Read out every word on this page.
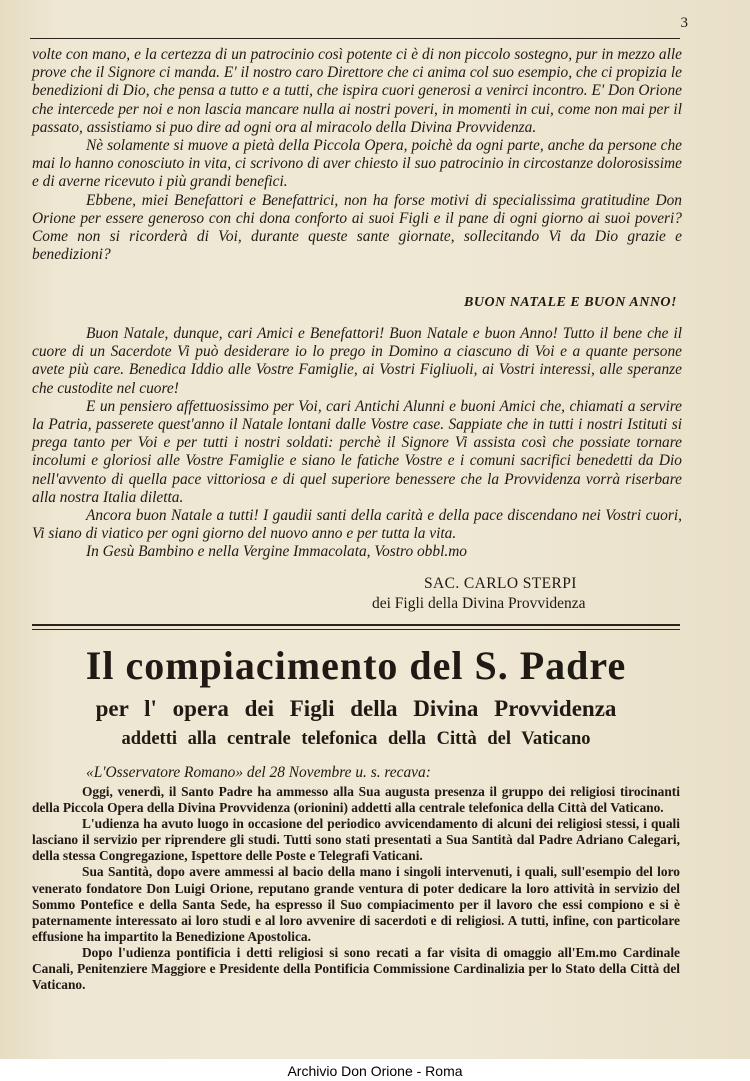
3

volte con mano, e la certezza di un patrocinio così potente ci è di non piccolo sostegno, pur in mezzo alle prove che il Signore ci manda. E' il nostro caro Direttore che ci anima col suo esempio, che ci propizia le benedizioni di Dio, che pensa a tutto e a tutti, che ispira cuori generosi a venirci incontro. E' Don Orione che intercede per noi e non lascia mancare nulla ai nostri poveri, in momenti in cui, come non mai per il passato, assistiamo si puo dire ad ogni ora al miracolo della Divina Provvidenza.

Nè solamente si muove a pietà della Piccola Opera, poichè da ogni parte, anche da persone che mai lo hanno conosciuto in vita, ci scrivono di aver chiesto il suo patrocinio in circostanze dolorosissime e di averne ricevuto i più grandi benefici.

Ebbene, miei Benefattori e Benefattrici, non ha forse motivi di specialissima gratitudine Don Orione per essere generoso con chi dona conforto ai suoi Figli e il pane di ogni giorno ai suoi poveri? Come non si ricorderà di Voi, durante queste sante giornate, sollecitando Vi da Dio grazie e benedizioni?

BUON NATALE E BUON ANNO!

Buon Natale, dunque, cari Amici e Benefattori! Buon Natale e buon Anno! Tutto il bene che il cuore di un Sacerdote Vi può desiderare io lo prego in Domino a ciascuno di Voi e a quante persone avete più care. Benedica Iddio alle Vostre Famiglie, ai Vostri Figliuoli, ai Vostri interessi, alle speranze che custodite nel cuore!

E un pensiero affettuosissimo per Voi, cari Antichi Alunni e buoni Amici che, chiamati a servire la Patria, passerete quest'anno il Natale lontani dalle Vostre case. Sappiate che in tutti i nostri Istituti si prega tanto per Voi e per tutti i nostri soldati: perchè il Signore Vi assista così che possiate tornare incolumi e gloriosi alle Vostre Famiglie e siano le fatiche Vostre e i comuni sacrifici benedetti da Dio nell'avvento di quella pace vittoriosa e di quel superiore benessere che la Provvidenza vorrà riserbare alla nostra Italia diletta.

Ancora buon Natale a tutti! I gaudii santi della carità e della pace discendano nei Vostri cuori, Vi siano di viatico per ogni giorno del nuovo anno e per tutta la vita.

In Gesù Bambino e nella Vergine Immacolata, Vostro obbl.mo

SAC. CARLO STERPI
dei Figli della Divina Provvidenza
Il compiacimento del S. Padre
per l' opera dei Figli della Divina Provvidenza
addetti alla centrale telefonica della Città del Vaticano
«L'Osservatore Romano» del 28 Novembre u. s. recava:

Oggi, venerdì, il Santo Padre ha ammesso alla Sua augusta presenza il gruppo dei religiosi tirocinanti della Piccola Opera della Divina Provvidenza (orionini) addetti alla centrale telefonica della Città del Vaticano.

L'udienza ha avuto luogo in occasione del periodico avvicendamento di alcuni dei religiosi stessi, i quali lasciano il servizio per riprendere gli studi. Tutti sono stati presentati a Sua Santità dal Padre Adriano Calegari, della stessa Congregazione, Ispettore delle Poste e Telegrafi Vaticani.

Sua Santità, dopo avere ammessi al bacio della mano i singoli intervenuti, i quali, sull'esempio del loro venerato fondatore Don Luigi Orione, reputano grande ventura di poter dedicare la loro attività in servizio del Sommo Pontefice e della Santa Sede, ha espresso il Suo compiacimento per il lavoro che essi compiono e si è paternamente interessato ai loro studi e al loro avvenire di sacerdoti e di religiosi. A tutti, infine, con particolare effusione ha impartito la Benedizione Apostolica.

Dopo l'udienza pontificia i detti religiosi si sono recati a far visita di omaggio all'Em.mo Cardinale Canali, Penitenziere Maggiore e Presidente della Pontificia Commissione Cardinalizia per lo Stato della Città del Vaticano.

Archivio Don Orione - Roma
